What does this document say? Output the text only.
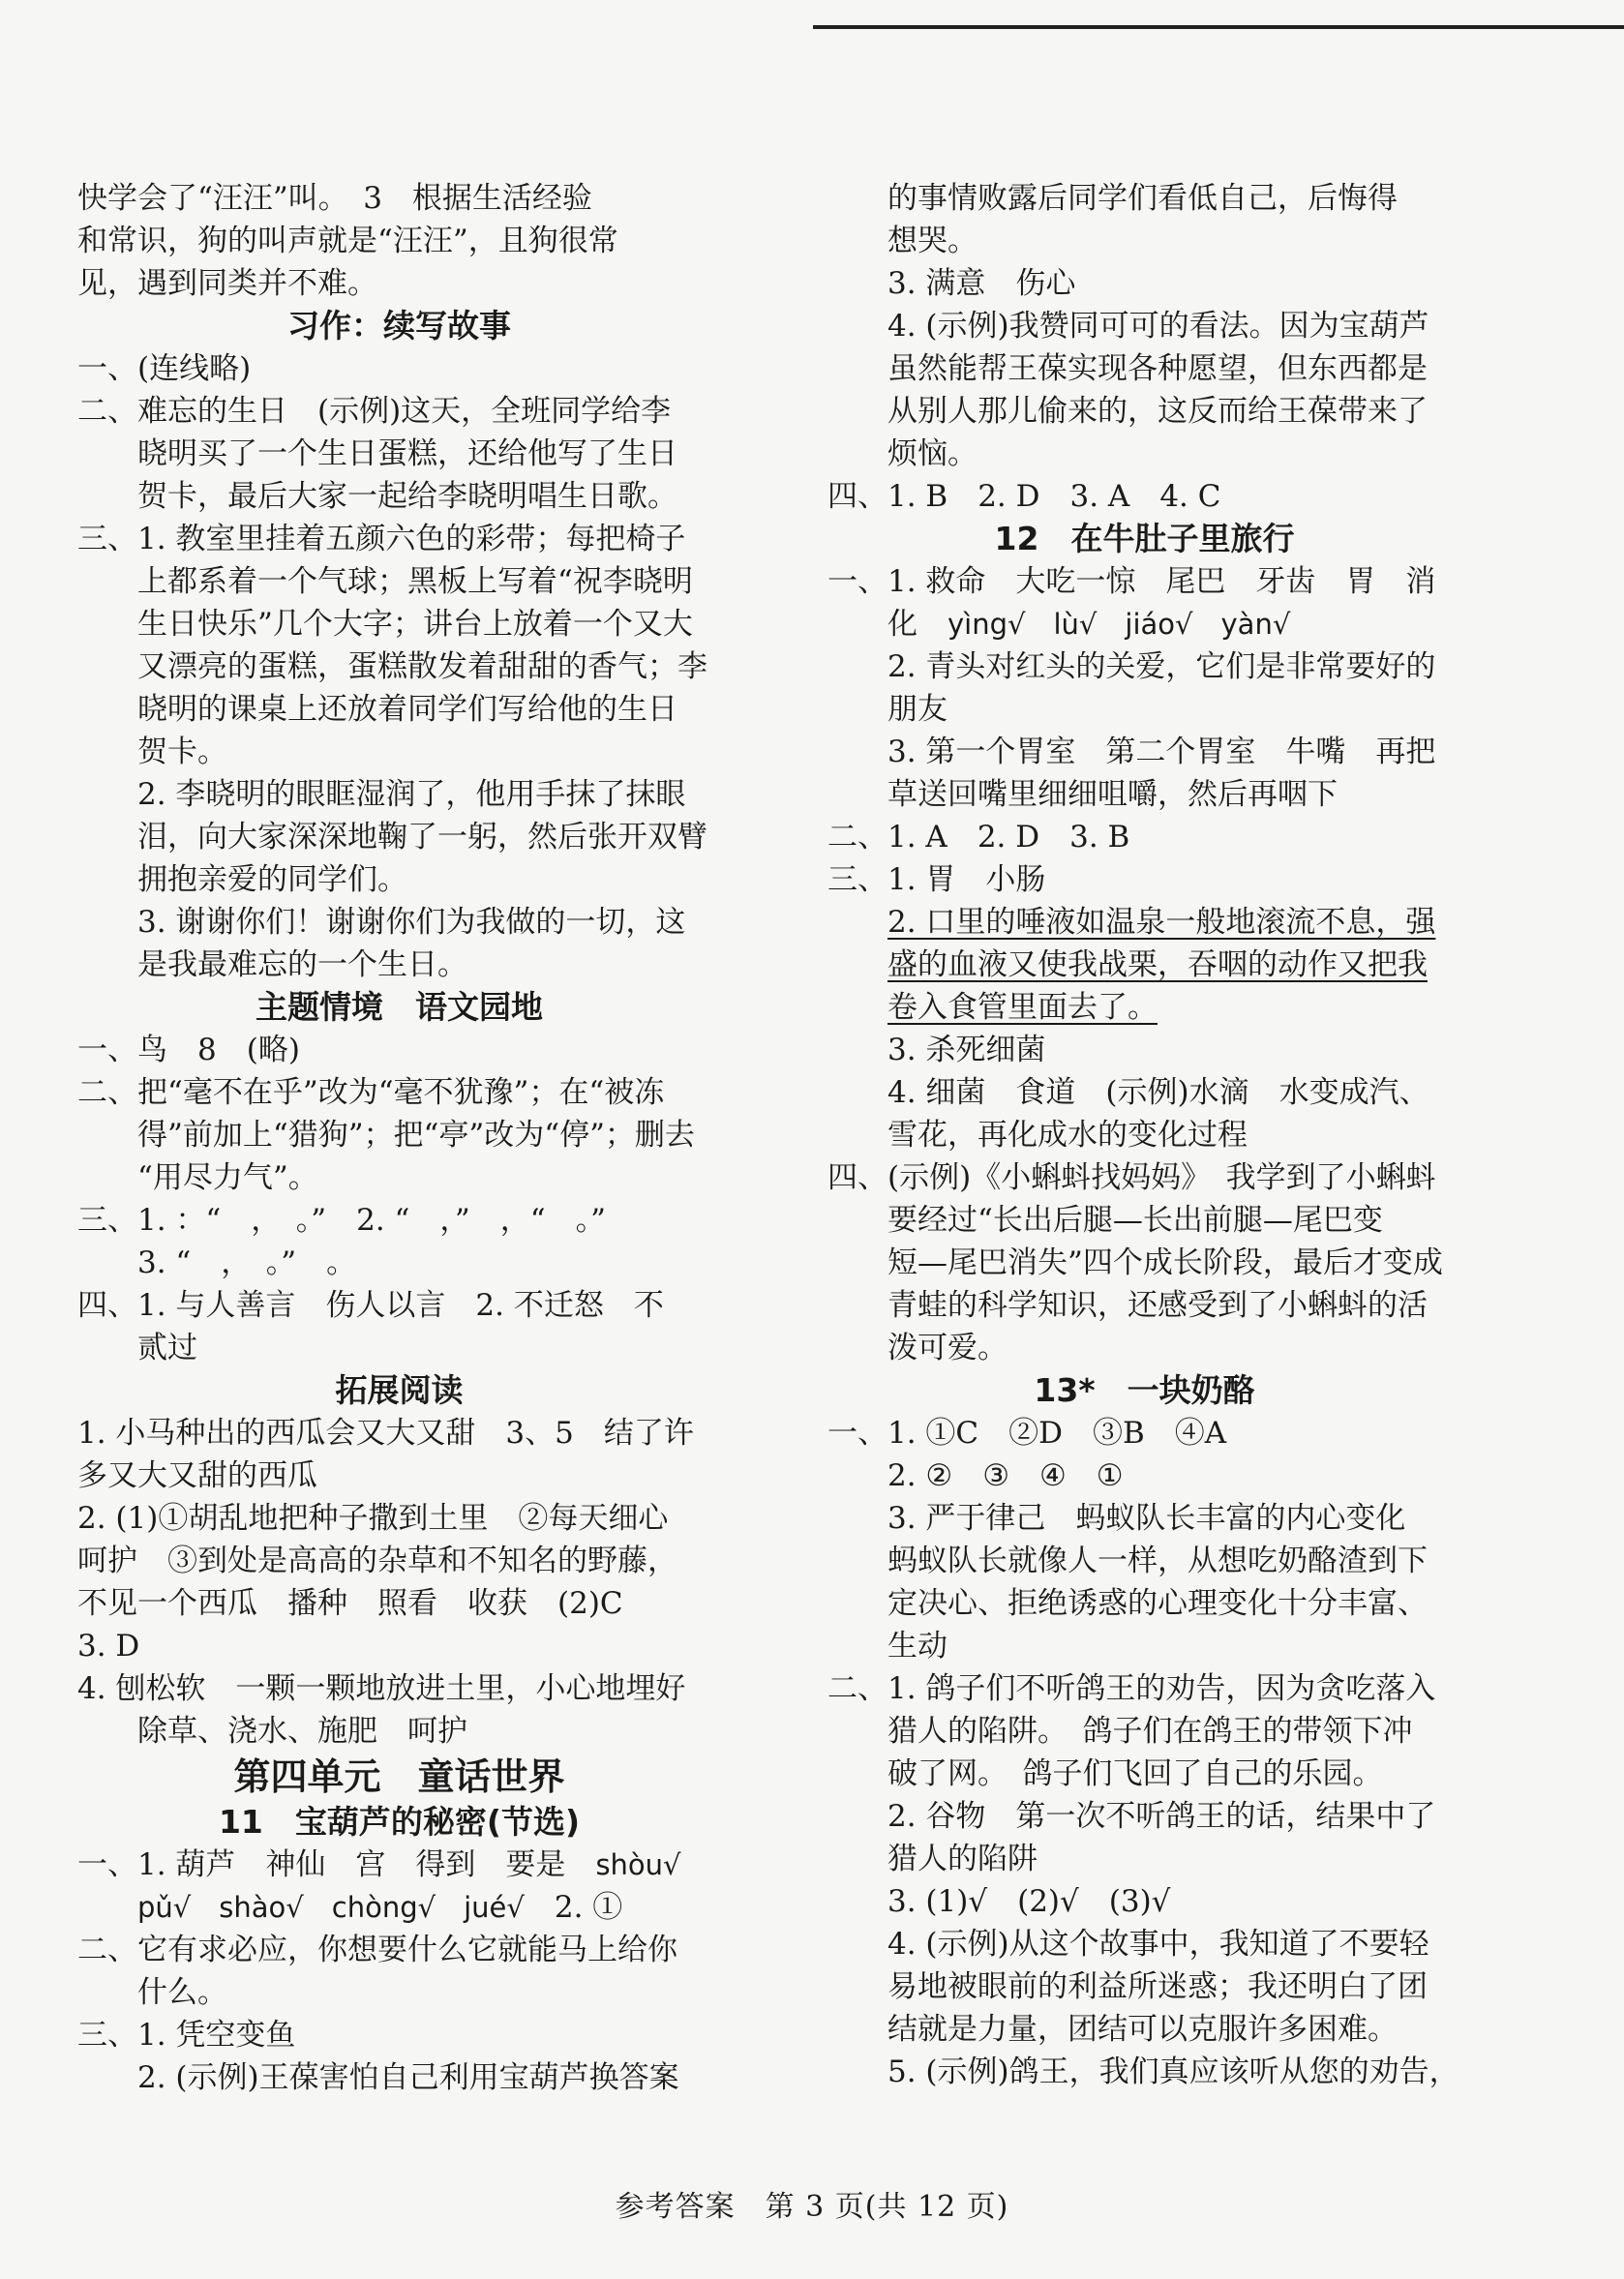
快学会了“汪汪”叫。　3　根据生活经验

和常识，狗的叫声就是“汪汪”，且狗很常

见，遇到同类并不难。

习作：续写故事

一、(连线略)

二、难忘的生日　(示例)这天，全班同学给李

晓明买了一个生日蛋糕，还给他写了生日

贺卡，最后大家一起给李晓明唱生日歌。

三、1. 教室里挂着五颜六色的彩带；每把椅子

上都系着一个气球；黑板上写着“祝李晓明

生日快乐”几个大字；讲台上放着一个又大

又漂亮的蛋糕，蛋糕散发着甜甜的香气；李

晓明的课桌上还放着同学们写给他的生日

贺卡。

2. 李晓明的眼眶湿润了，他用手抹了抹眼

泪，向大家深深地鞠了一躬，然后张开双臂

拥抱亲爱的同学们。

3. 谢谢你们！谢谢你们为我做的一切，这

是我最难忘的一个生日。

主题情境　语文园地

一、鸟　8　(略)

二、把“毫不在乎”改为“毫不犹豫”；在“被冻

得”前加上“猎狗”；把“亭”改为“停”；删去

“用尽力气”。

三、1. ：“　，　。”　2. “　，”　，“　。”

3. “　，　。”　。

四、1. 与人善言　伤人以言　2. 不迁怒　不

贰过

拓展阅读

1. 小马种出的西瓜会又大又甜　3、5　结了许

多又大又甜的西瓜

2. (1)①胡乱地把种子撒到土里　②每天细心

呵护　③到处是高高的杂草和不知名的野藤，

不见一个西瓜　播种　照看　收获　(2)C

3. D

4. 刨松软　一颗一颗地放进土里，小心地埋好

除草、浇水、施肥　呵护

第四单元　童话世界

11　宝葫芦的秘密(节选)

一、1. 葫芦　神仙　宫　得到　要是　shòu√

pǔ√　shào√　chòng√　jué√　2. ①

二、它有求必应，你想要什么它就能马上给你

什么。

三、1. 凭空变鱼

2. (示例)王葆害怕自己利用宝葫芦换答案

的事情败露后同学们看低自己，后悔得

想哭。

3. 满意　伤心

4. (示例)我赞同可可的看法。因为宝葫芦

虽然能帮王葆实现各种愿望，但东西都是

从别人那儿偷来的，这反而给王葆带来了

烦恼。

四、1. B　2. D　3. A　4. C

12　在牛肚子里旅行

一、1. 救命　大吃一惊　尾巴　牙齿　胃　消

化　yìng√　lù√　jiáo√　yàn√

2. 青头对红头的关爱，它们是非常要好的

朋友

3. 第一个胃室　第二个胃室　牛嘴　再把

草送回嘴里细细咀嚼，然后再咽下

二、1. A　2. D　3. B

三、1. 胃　小肠

2. 口里的唾液如温泉一般地滚流不息，强

盛的血液又使我战栗，吞咽的动作又把我

卷入食管里面去了。

3. 杀死细菌

4. 细菌　食道　(示例)水滴　水变成汽、

雪花，再化成水的变化过程

四、(示例)《小蝌蚪找妈妈》　我学到了小蝌蚪

要经过“长出后腿—长出前腿—尾巴变

短—尾巴消失”四个成长阶段，最后才变成

青蛙的科学知识，还感受到了小蝌蚪的活

泼可爱。

13*　一块奶酪

一、1. ①C　②D　③B　④A

2. ②　③　④　①

3. 严于律己　蚂蚁队长丰富的内心变化

蚂蚁队长就像人一样，从想吃奶酪渣到下

定决心、拒绝诱惑的心理变化十分丰富、

生动

二、1. 鸽子们不听鸽王的劝告，因为贪吃落入

猎人的陷阱。　鸽子们在鸽王的带领下冲

破了网。　鸽子们飞回了自己的乐园。

2. 谷物　第一次不听鸽王的话，结果中了

猎人的陷阱

3. (1)√　(2)√　(3)√

4. (示例)从这个故事中，我知道了不要轻

易地被眼前的利益所迷惑；我还明白了团

结就是力量，团结可以克服许多困难。

5. (示例)鸽王，我们真应该听从您的劝告，

参考答案　第 3 页(共 12 页)
